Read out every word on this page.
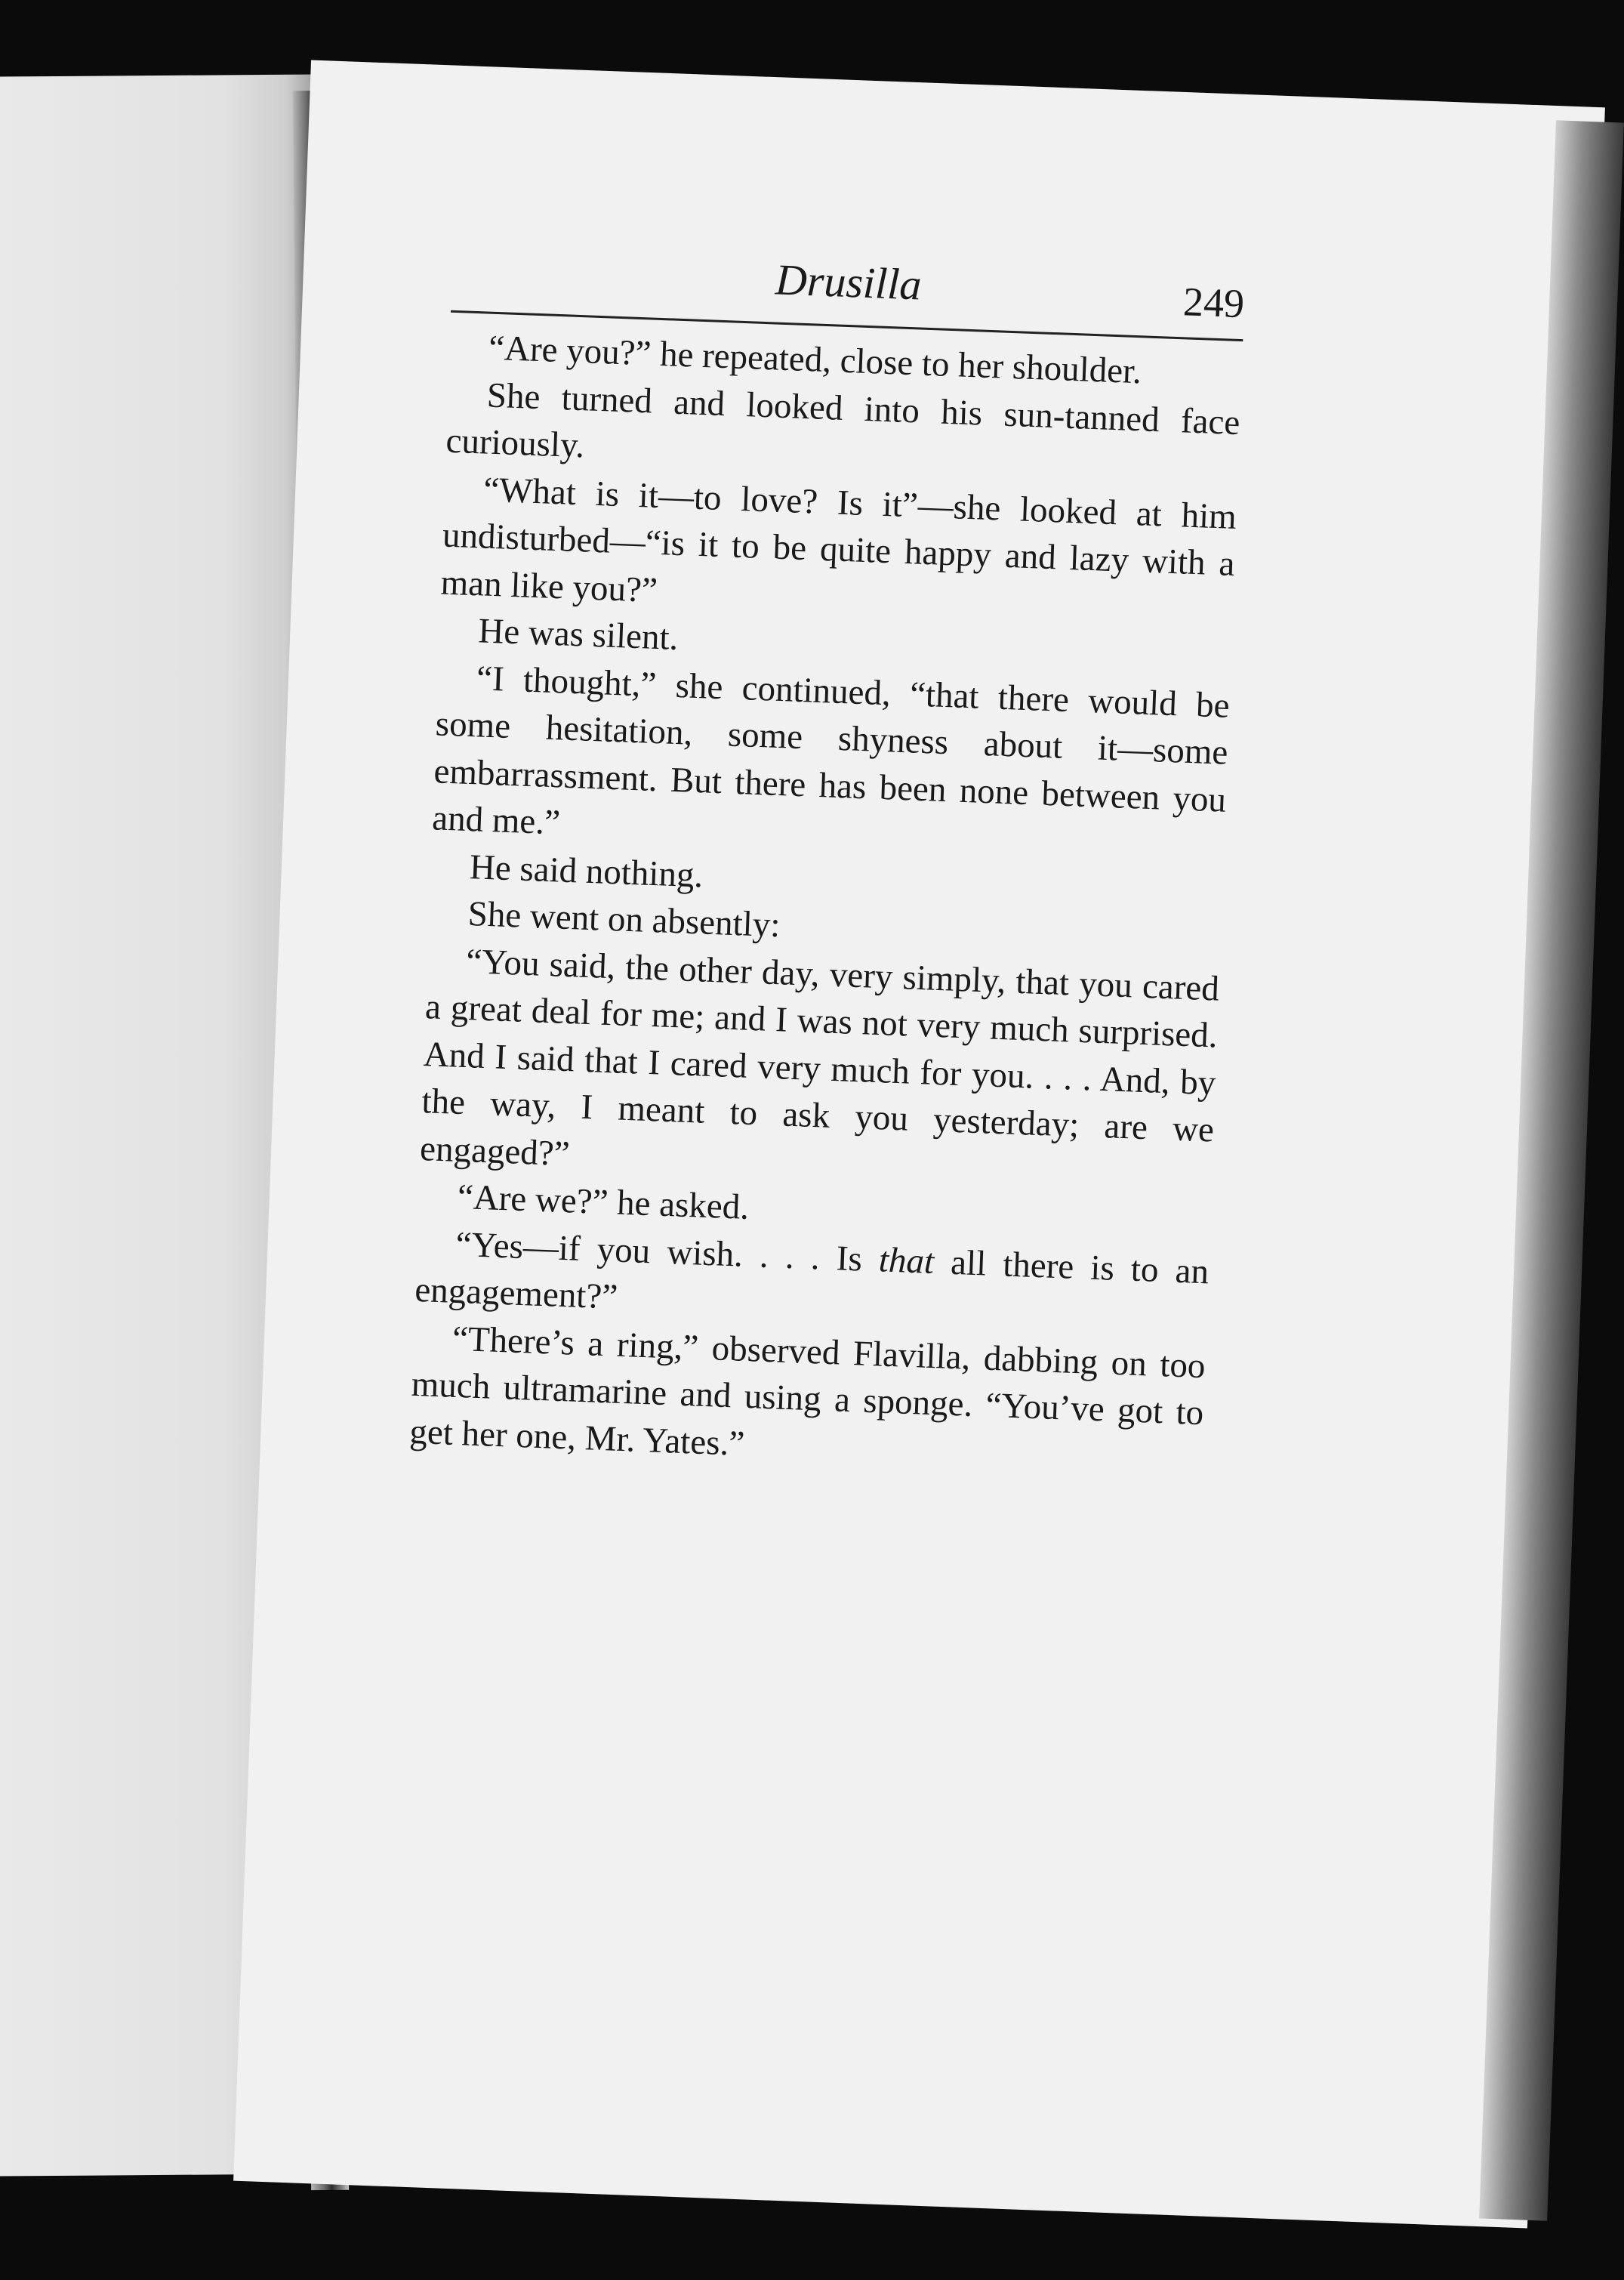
Drusilla	249

“Are you?” he repeated, close to her shoulder.

She turned and looked into his sun-tanned face curiously.

“What is it—to love? Is it”—she looked at him undisturbed—“is it to be quite happy and lazy with a man like you?”

He was silent.

“I thought,” she continued, “that there would be some hesitation, some shyness about it—some embarrassment. But there has been none between you and me.”

He said nothing.

She went on absently:

“You said, the other day, very simply, that you cared a great deal for me; and I was not very much surprised. And I said that I cared very much for you. . . . And, by the way, I meant to ask you yesterday; are we engaged?”

“Are we?” he asked.

“Yes—if you wish. . . . Is that all there is to an engagement?”

“There’s a ring,” observed Flavilla, dabbing on too much ultramarine and using a sponge. “You’ve got to get her one, Mr. Yates.”
